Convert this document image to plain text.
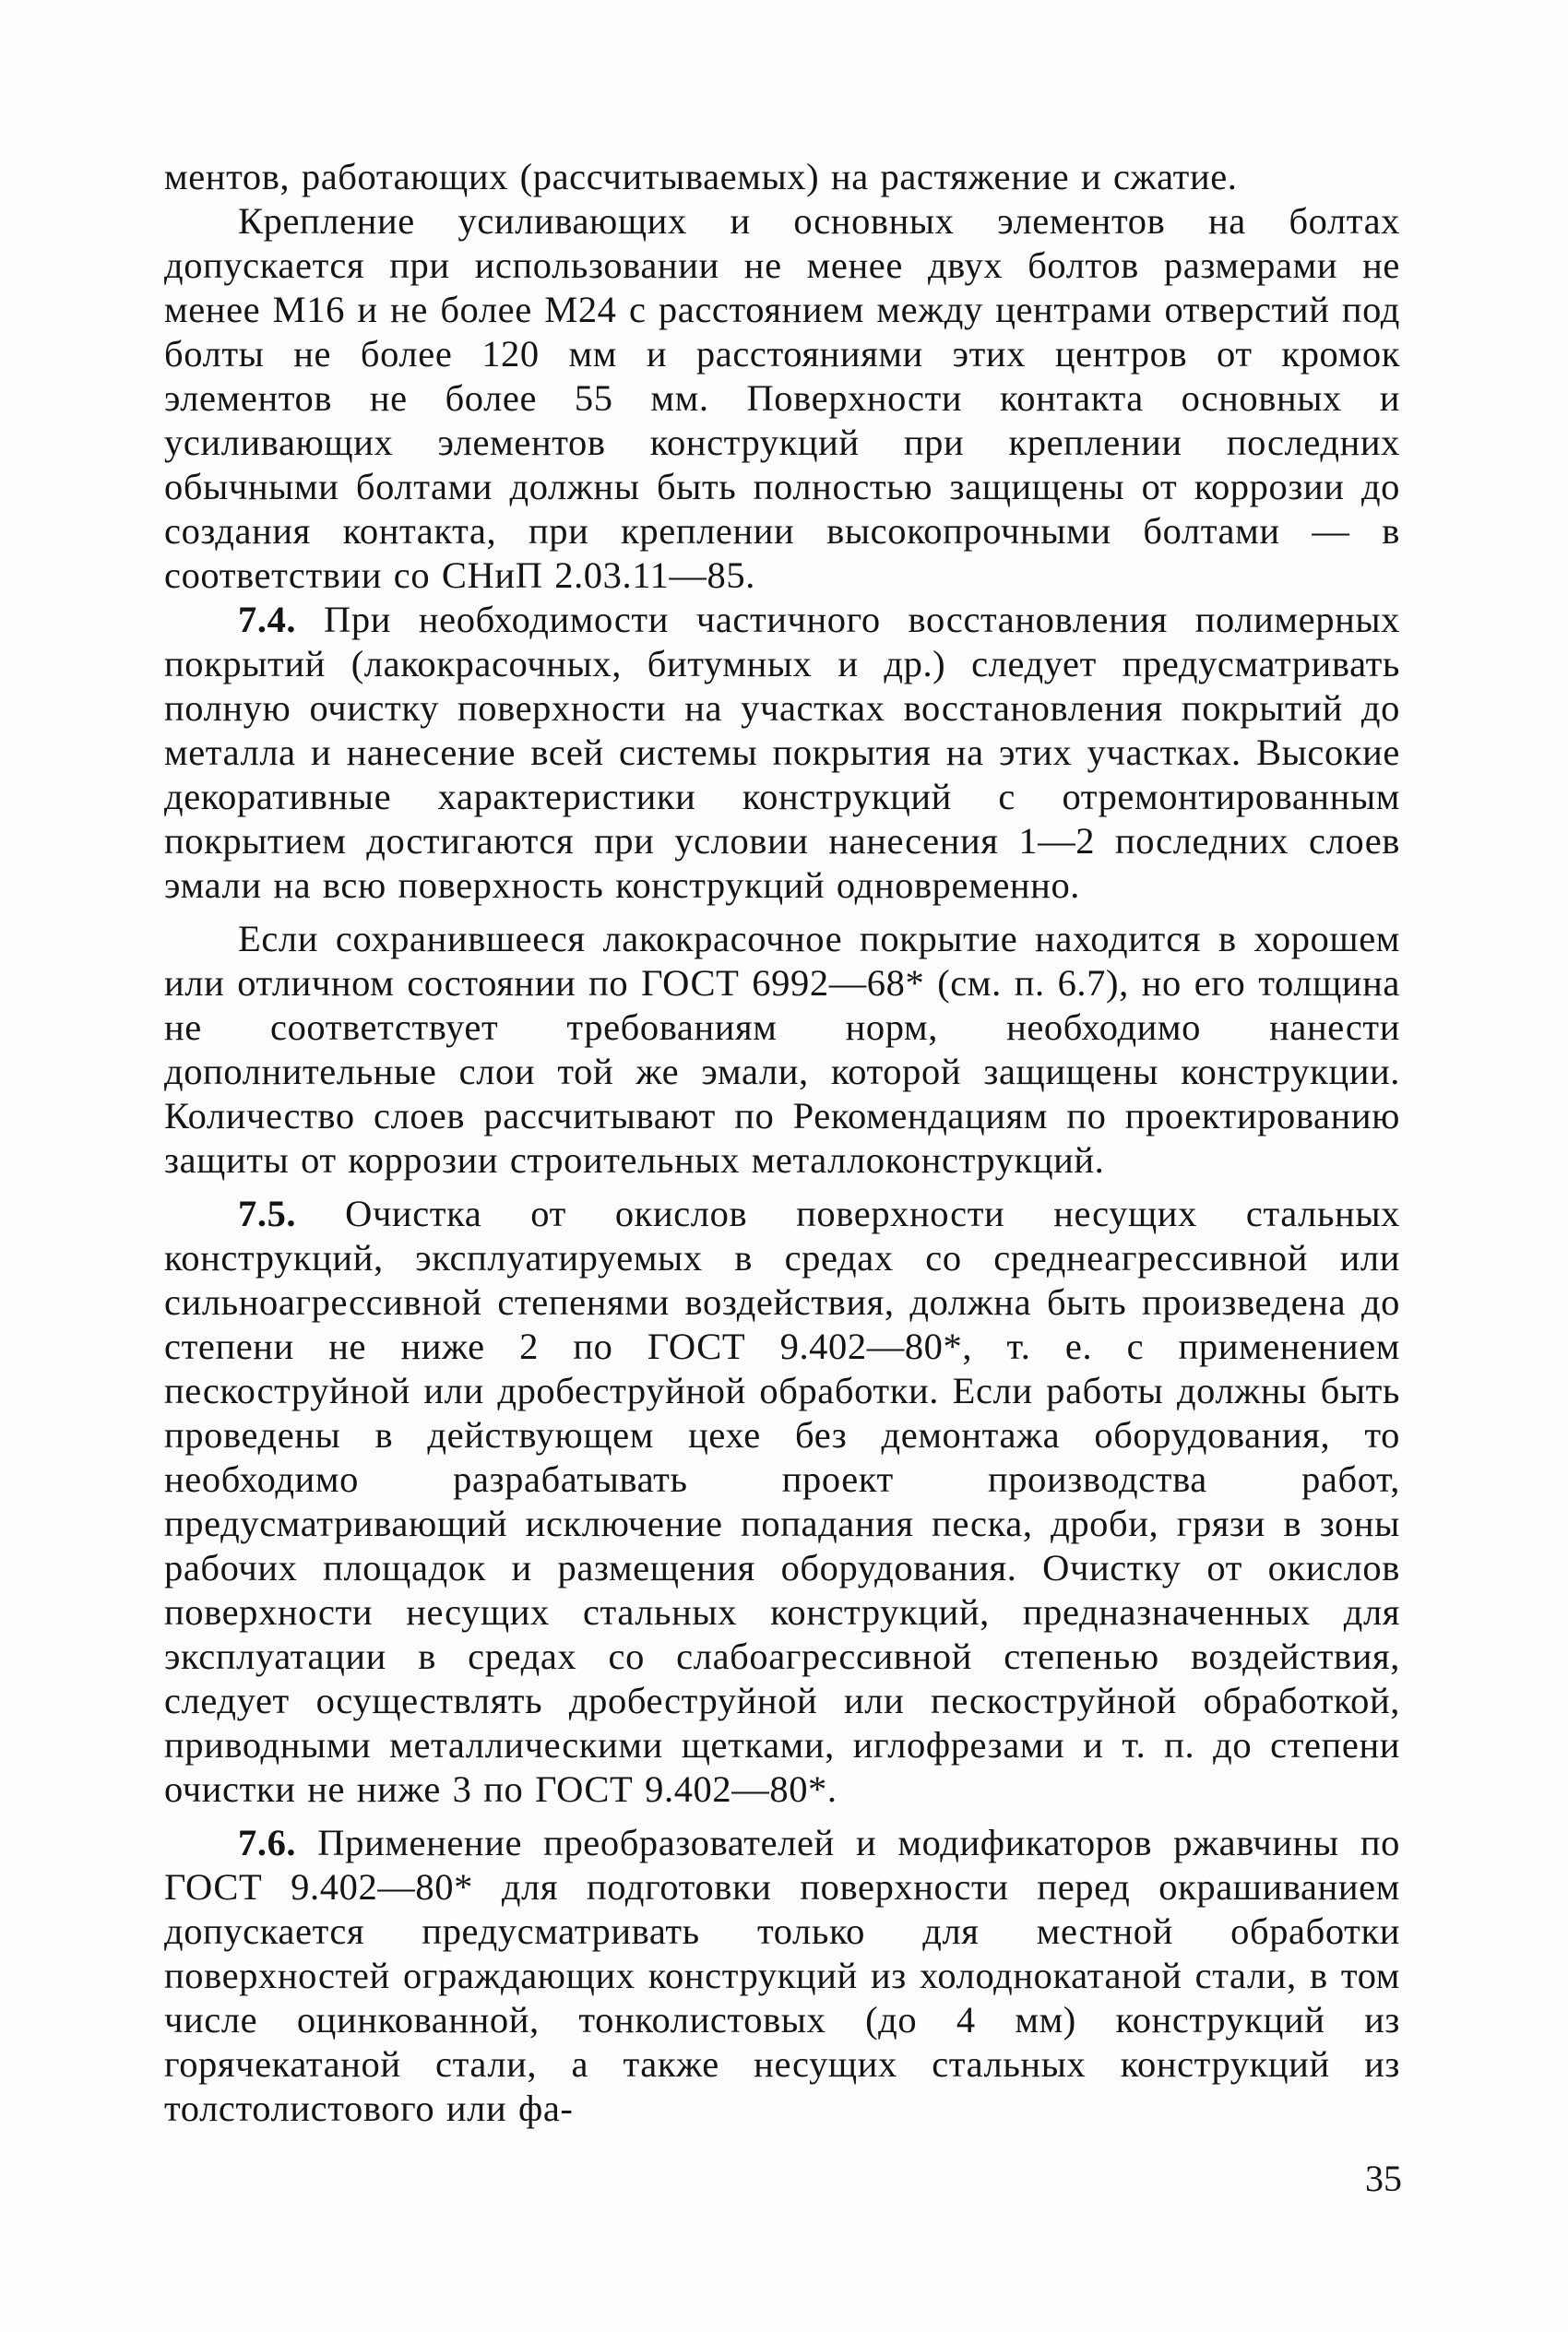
ментов, работающих (рассчитываемых) на растяжение и сжатие.

Крепление усиливающих и основных элементов на болтах допускается при использовании не менее двух болтов размерами не менее М16 и не более М24 с расстоянием между центрами отверстий под болты не более 120 мм и расстояниями этих центров от кромок элементов не более 55 мм. Поверхности контакта основных и усиливающих элементов конструкций при креплении последних обычными болтами должны быть полностью защищены от коррозии до создания контакта, при креплении высокопрочными болтами — в соответствии со СНиП 2.03.11—85.

7.4. При необходимости частичного восстановления полимерных покрытий (лакокрасочных, битумных и др.) следует предусматривать полную очистку поверхности на участках восстановления покрытий до металла и нанесение всей системы покрытия на этих участках. Высокие декоративные характеристики конструкций с отремонтированным покрытием достигаются при условии нанесения 1—2 последних слоев эмали на всю поверхность конструкций одновременно.

Если сохранившееся лакокрасочное покрытие находится в хорошем или отличном состоянии по ГОСТ 6992—68* (см. п. 6.7), но его толщина не соответствует требованиям норм, необходимо нанести дополнительные слои той же эмали, которой защищены конструкции. Количество слоев рассчитывают по Рекомендациям по проектированию защиты от коррозии строительных металлоконструкций.

7.5. Очистка от окислов поверхности несущих стальных конструкций, эксплуатируемых в средах со среднеагрессивной или сильноагрессивной степенями воздействия, должна быть произведена до степени не ниже 2 по ГОСТ 9.402—80*, т. е. с применением пескоструйной или дробеструйной обработки. Если работы должны быть проведены в действующем цехе без демонтажа оборудования, то необходимо разрабатывать проект производства работ, предусматривающий исключение попадания песка, дроби, грязи в зоны рабочих площадок и размещения оборудования. Очистку от окислов поверхности несущих стальных конструкций, предназначенных для эксплуатации в средах со слабоагрессивной степенью воздействия, следует осуществлять дробеструйной или пескоструйной обработкой, приводными металлическими щетками, иглофрезами и т. п. до степени очистки не ниже 3 по ГОСТ 9.402—80*.

7.6. Применение преобразователей и модификаторов ржавчины по ГОСТ 9.402—80* для подготовки поверхности перед окрашиванием допускается предусматривать только для местной обработки поверхностей ограждающих конструкций из холоднокатаной стали, в том числе оцинкованной, тонколистовых (до 4 мм) конструкций из горячекатаной стали, а также несущих стальных конструкций из толстолистового или фа-

35
